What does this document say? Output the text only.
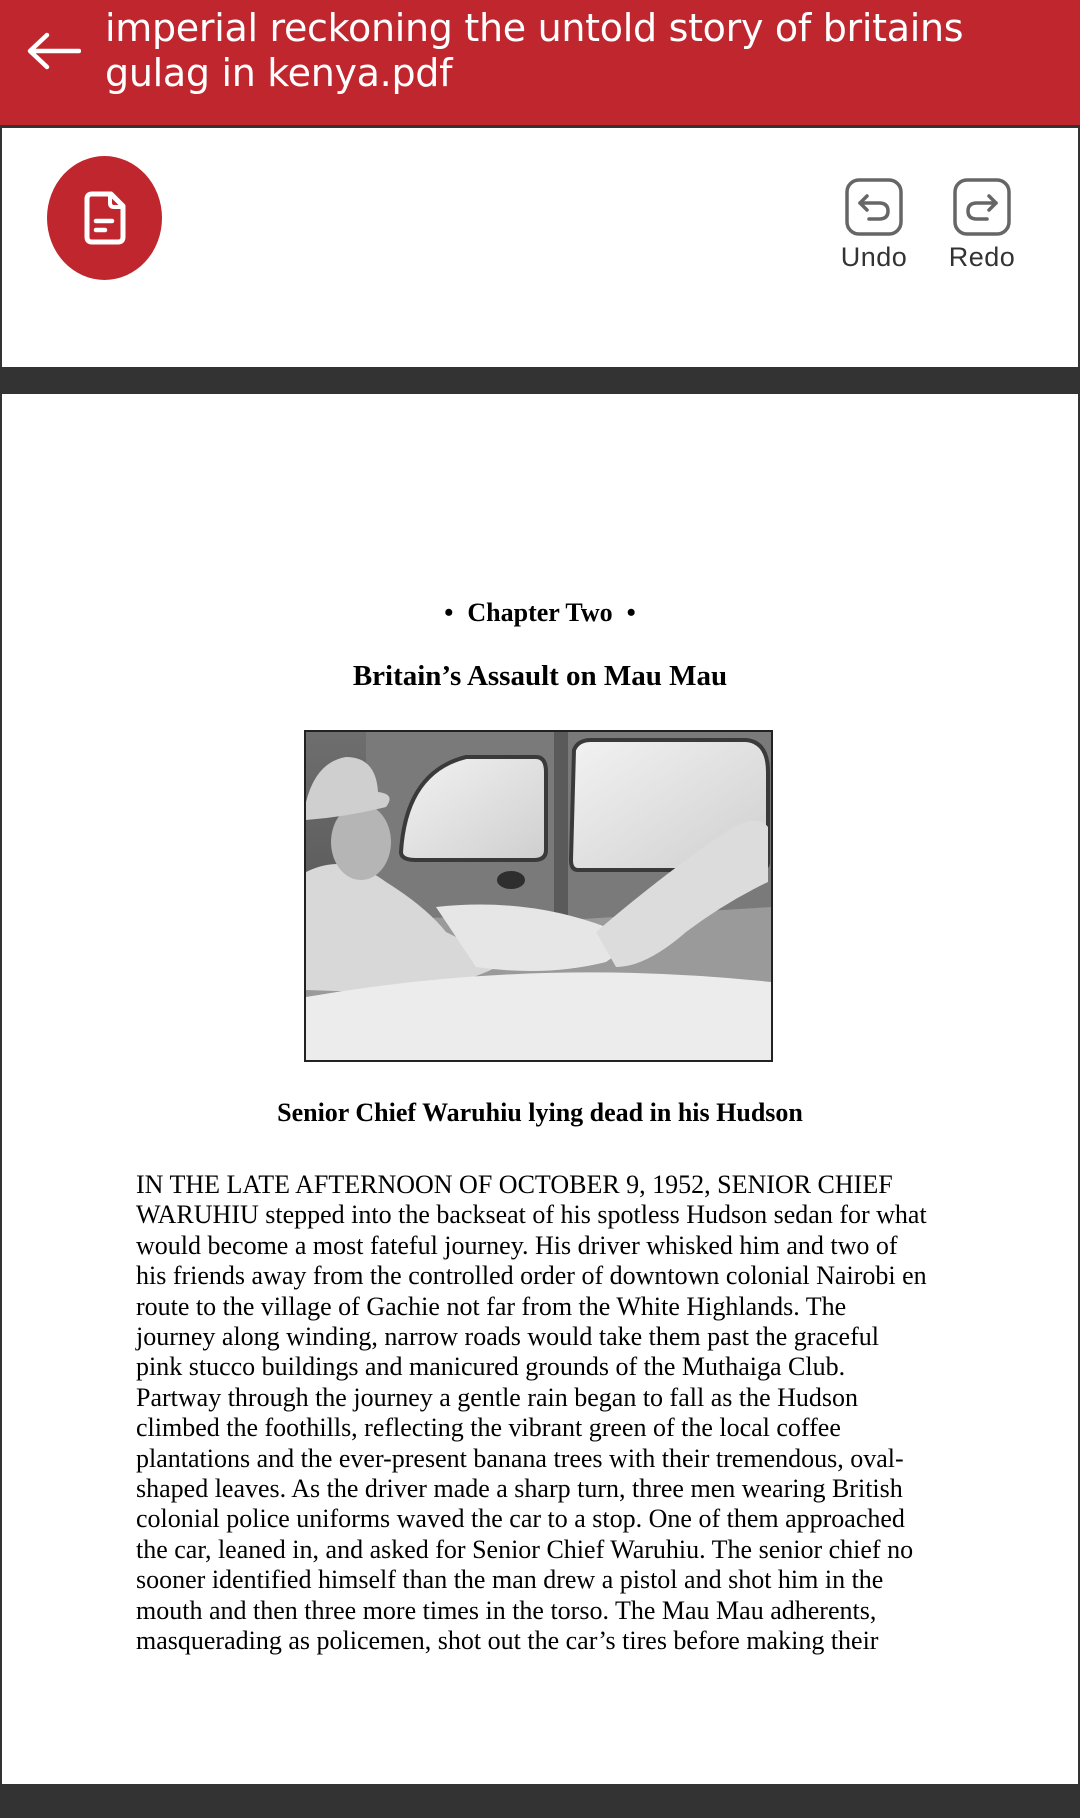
imperial reckoning the untold story of britains gulag in kenya.pdf
Undo	Redo
• Chapter Two •
Britain’s Assault on Mau Mau
Senior Chief Waruhiu lying dead in his Hudson

IN THE LATE AFTERNOON OF OCTOBER 9, 1952, SENIOR CHIEF
WARUHIU stepped into the backseat of his spotless Hudson sedan for what
would become a most fateful journey. His driver whisked him and two of
his friends away from the controlled order of downtown colonial Nairobi en
route to the village of Gachie not far from the White Highlands. The
journey along winding, narrow roads would take them past the graceful
pink stucco buildings and manicured grounds of the Muthaiga Club.
Partway through the journey a gentle rain began to fall as the Hudson
climbed the foothills, reflecting the vibrant green of the local coffee
plantations and the ever-present banana trees with their tremendous, oval-
shaped leaves. As the driver made a sharp turn, three men wearing British
colonial police uniforms waved the car to a stop. One of them approached
the car, leaned in, and asked for Senior Chief Waruhiu. The senior chief no
sooner identified himself than the man drew a pistol and shot him in the
mouth and then three more times in the torso. The Mau Mau adherents,
masquerading as policemen, shot out the car’s tires before making their
